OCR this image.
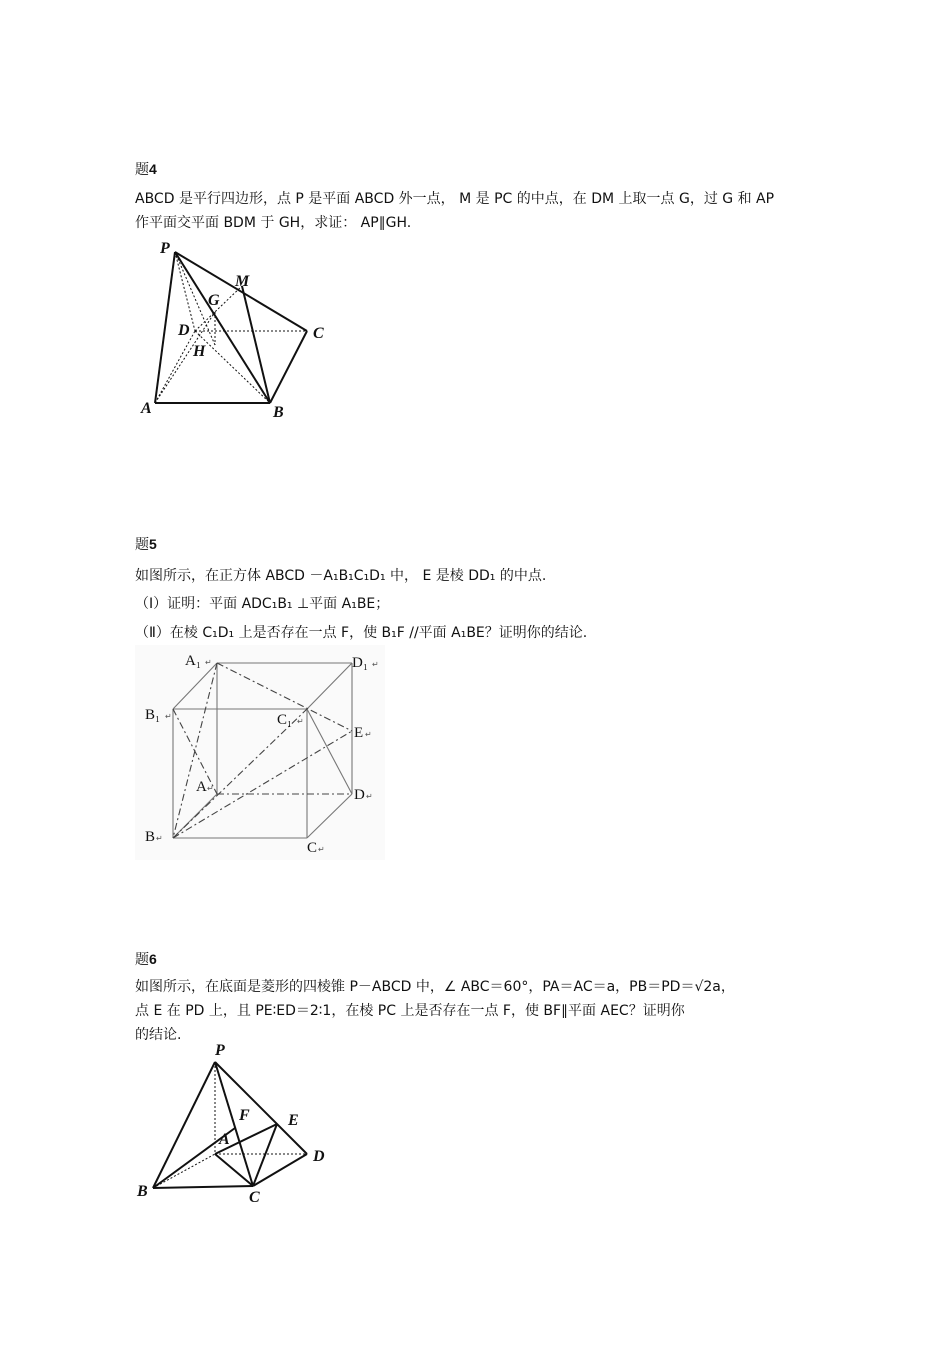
题4
ABCD 是平行四边形，点 P 是平面 ABCD 外一点， M 是 PC 的中点，在 DM 上取一点 G，过 G 和 AP
作平面交平面 BDM 于 GH，求证： AP∥GH.
P
M
G
D	C
H
A	B
题5
如图所示，在正方体 ABCD －A₁B₁C₁D₁ 中， E 是棱 DD₁ 的中点.
（Ⅰ）证明：平面 ADC₁B₁ ⊥平面 A₁BE；
（Ⅱ）在棱 C₁D₁ 上是否存在一点 F，使 B₁F //平面 A₁BE？证明你的结论.
A₁ ↵	D₁ ↵
B₁ ↵	C₁ ↵
E ↵
A ↵	D ↵
B ↵
C ↵
题6
如图所示，在底面是菱形的四棱锥 P－ABCD 中，∠ ABC＝60°，PA＝AC＝a，PB＝PD＝√2a，
点 E 在 PD 上，且 PE∶ED＝2∶1，在棱 PC 上是否存在一点 F，使 BF∥平面 AEC？证明你
的结论.
P
F E
A
D
B	C
